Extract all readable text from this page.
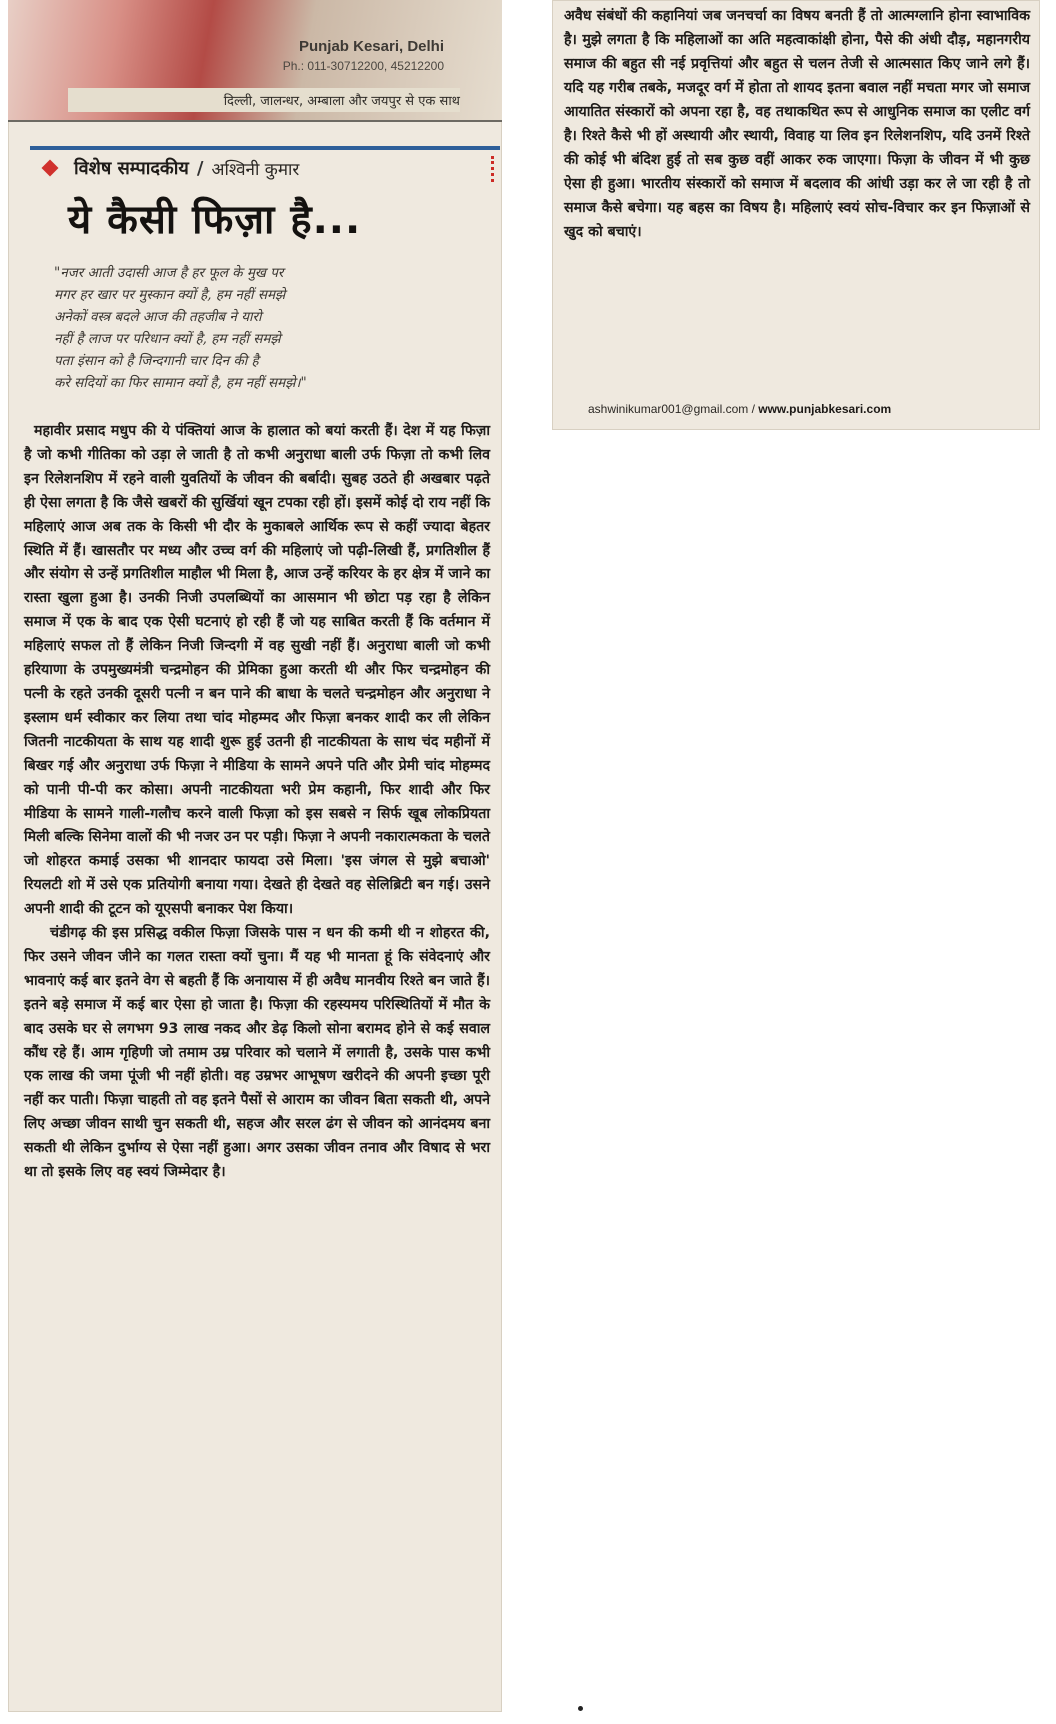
Punjab Kesari, Delhi
Ph.: 011-30712200, 45212200
दिल्ली, जालन्धर, अम्बाला और जयपुर से एक साथ
विशेष सम्पादकीय / अश्विनी कुमार
ये कैसी फिज़ा है...
"नजर आती उदासी आज है हर फूल के मुख पर
मगर हर खार पर मुस्कान क्यों है, हम नहीं समझे
अनेकों वस्त्र बदले आज की तहजीब ने यारो
नहीं है लाज पर परिधान क्यों है, हम नहीं समझे
पता इंसान को है जिन्दगानी चार दिन की है
करे सदियों का फिर सामान क्यों है, हम नहीं समझे।"

महावीर प्रसाद मधुप की ये पंक्तियां आज के हालात को बयां करती हैं। देश में यह फिज़ा है जो कभी गीतिका को उड़ा ले जाती है तो कभी अनुराधा बाली उर्फ फिज़ा तो कभी लिव इन रिलेशनशिप में रहने वाली युवतियों के जीवन की बर्बादी। सुबह उठते ही अखबार पढ़ते ही ऐसा लगता है कि जैसे खबरों की सुर्खियां खून टपका रही हों। इसमें कोई दो राय नहीं कि महिलाएं आज अब तक के किसी भी दौर के मुकाबले आर्थिक रूप से कहीं ज्यादा बेहतर स्थिति में हैं। खासतौर पर मध्य और उच्च वर्ग की महिलाएं जो पढ़ी-लिखी हैं, प्रगतिशील हैं और संयोग से उन्हें प्रगतिशील माहौल भी मिला है, आज उन्हें करियर के हर क्षेत्र में जाने का रास्ता खुला हुआ है। उनकी निजी उपलब्धियों का आसमान भी छोटा पड़ रहा है लेकिन समाज में एक के बाद एक ऐसी घटनाएं हो रही हैं जो यह साबित करती हैं कि वर्तमान में महिलाएं सफल तो हैं लेकिन निजी जिन्दगी में वह सुखी नहीं हैं। अनुराधा बाली जो कभी हरियाणा के उपमुख्यमंत्री चन्द्रमोहन की प्रेमिका हुआ करती थी और फिर चन्द्रमोहन की पत्नी के रहते उनकी दूसरी पत्नी न बन पाने की बाधा के चलते चन्द्रमोहन और अनुराधा ने इस्लाम धर्म स्वीकार कर लिया तथा चांद मोहम्मद और फिज़ा बनकर शादी कर ली लेकिन जितनी नाटकीयता के साथ यह शादी शुरू हुई उतनी ही नाटकीयता के साथ चंद महीनों में बिखर गई और अनुराधा उर्फ फिज़ा ने मीडिया के सामने अपने पति और प्रेमी चांद मोहम्मद को पानी पी-पी कर कोसा। अपनी नाटकीयता भरी प्रेम कहानी, फिर शादी और फिर मीडिया के सामने गाली-गलौच करने वाली फिज़ा को इस सबसे न सिर्फ खूब लोकप्रियता मिली बल्कि सिनेमा वालों की भी नजर उन पर पड़ी। फिज़ा ने अपनी नकारात्मकता के चलते जो शोहरत कमाई उसका भी शानदार फायदा उसे मिला। 'इस जंगल से मुझे बचाओ' रियलटी शो में उसे एक प्रतियोगी बनाया गया। देखते ही देखते वह सेलिब्रिटी बन गई। उसने अपनी शादी की टूटन को यूएसपी बनाकर पेश किया।

चंडीगढ़ की इस प्रसिद्ध वकील फिज़ा जिसके पास न धन की कमी थी न शोहरत की, फिर उसने जीवन जीने का गलत रास्ता क्यों चुना। मैं यह भी मानता हूं कि संवेदनाएं और भावनाएं कई बार इतने वेग से बहती हैं कि अनायास में ही अवैध मानवीय रिश्ते बन जाते हैं। इतने बड़े समाज में कई बार ऐसा हो जाता है। फिज़ा की रहस्यमय परिस्थितियों में मौत के बाद उसके घर से लगभग 93 लाख नकद और डेढ़ किलो सोना बरामद होने से कई सवाल कौंध रहे हैं। आम गृहिणी जो तमाम उम्र परिवार को चलाने में लगाती है, उसके पास कभी एक लाख की जमा पूंजी भी नहीं होती। वह उम्रभर आभूषण खरीदने की अपनी इच्छा पूरी नहीं कर पाती। फिज़ा चाहती तो वह इतने पैसों से आराम का जीवन बिता सकती थी, अपने लिए अच्छा जीवन साथी चुन सकती थी, सहज और सरल ढंग से जीवन को आनंदमय बना सकती थी लेकिन दुर्भाग्य से ऐसा नहीं हुआ। अगर उसका जीवन तनाव और विषाद से भरा था तो इसके लिए वह स्वयं जिम्मेदार है।

अवैध संबंधों की कहानियां जब जनचर्चा का विषय बनती हैं तो आत्मग्लानि होना स्वाभाविक है। मुझे लगता है कि महिलाओं का अति महत्वाकांक्षी होना, पैसे की अंधी दौड़, महानगरीय समाज की बहुत सी नई प्रवृत्तियां और बहुत से चलन तेजी से आत्मसात किए जाने लगे हैं। यदि यह गरीब तबके, मजदूर वर्ग में होता तो शायद इतना बवाल नहीं मचता मगर जो समाज आयातित संस्कारों को अपना रहा है, वह तथाकथित रूप से आधुनिक समाज का एलीट वर्ग है। रिश्ते कैसे भी हों अस्थायी और स्थायी, विवाह या लिव इन रिलेशनशिप, यदि उनमें रिश्ते की कोई भी बंदिश हुई तो सब कुछ वहीं आकर रुक जाएगा। फिज़ा के जीवन में भी कुछ ऐसा ही हुआ। भारतीय संस्कारों को समाज में बदलाव की आंधी उड़ा कर ले जा रही है तो समाज कैसे बचेगा। यह बहस का विषय है। महिलाएं स्वयं सोच-विचार कर इन फिज़ाओं से खुद को बचाएं।

ashwinikumar001@gmail.com / www.punjabkesari.com
